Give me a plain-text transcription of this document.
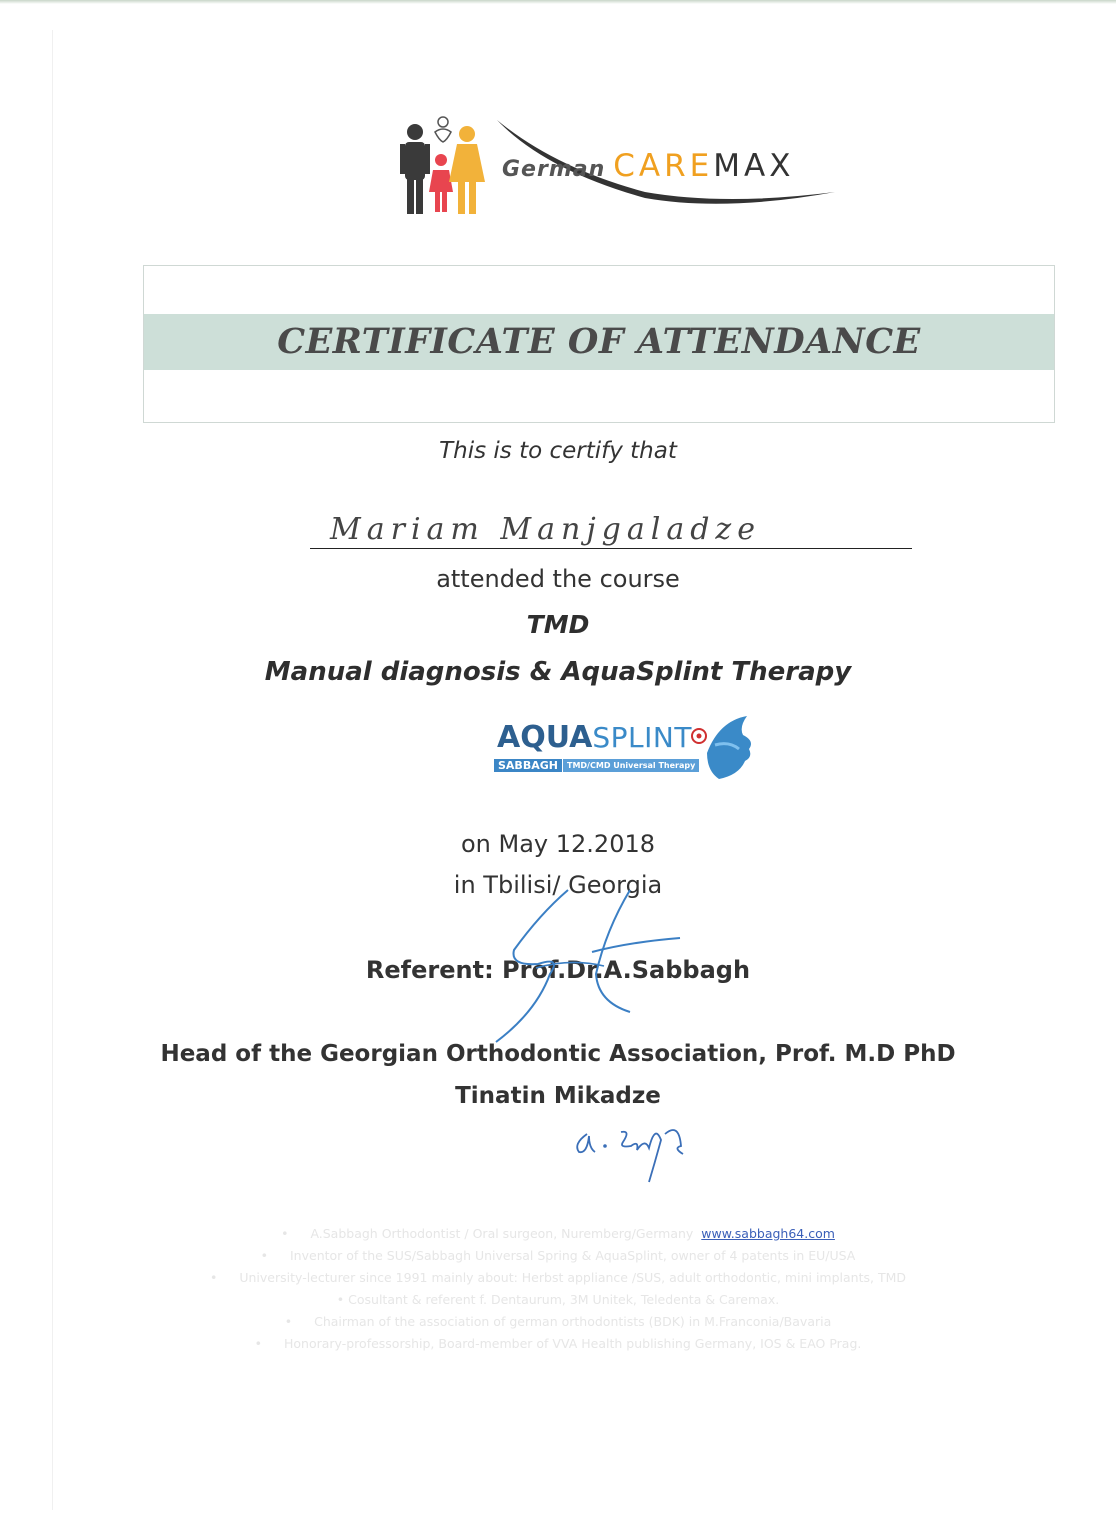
German CAREMAX
CERTIFICATE OF ATTENDANCE
This is to certify that
Mariam Manjgaladze
attended the course
TMD
Manual diagnosis & AquaSplint Therapy
AQUASPLINT
SABBAGH	TMD/CMD Universal Therapy
on May 12.2018
in Tbilisi/ Georgia
Referent: Prof.Dr.A.Sabbagh
Head of the Georgian Orthodontic Association, Prof. M.D PhD
Tinatin Mikadze
• A.Sabbagh Orthodontist / Oral surgeon, Nuremberg/Germany www.sabbagh64.com
• Inventor of the SUS/Sabbagh Universal Spring & AquaSplint, owner of 4 patents in EU/USA
• University-lecturer since 1991 mainly about: Herbst appliance /SUS, adult orthodontic, mini implants, TMD
• Cosultant & referent f. Dentaurum, 3M Unitek, Teledenta & Caremax.
• Chairman of the association of german orthodontists (BDK) in M.Franconia/Bavaria
• Honorary-professorship, Board-member of VVA Health publishing Germany, IOS & EAO Prag.
